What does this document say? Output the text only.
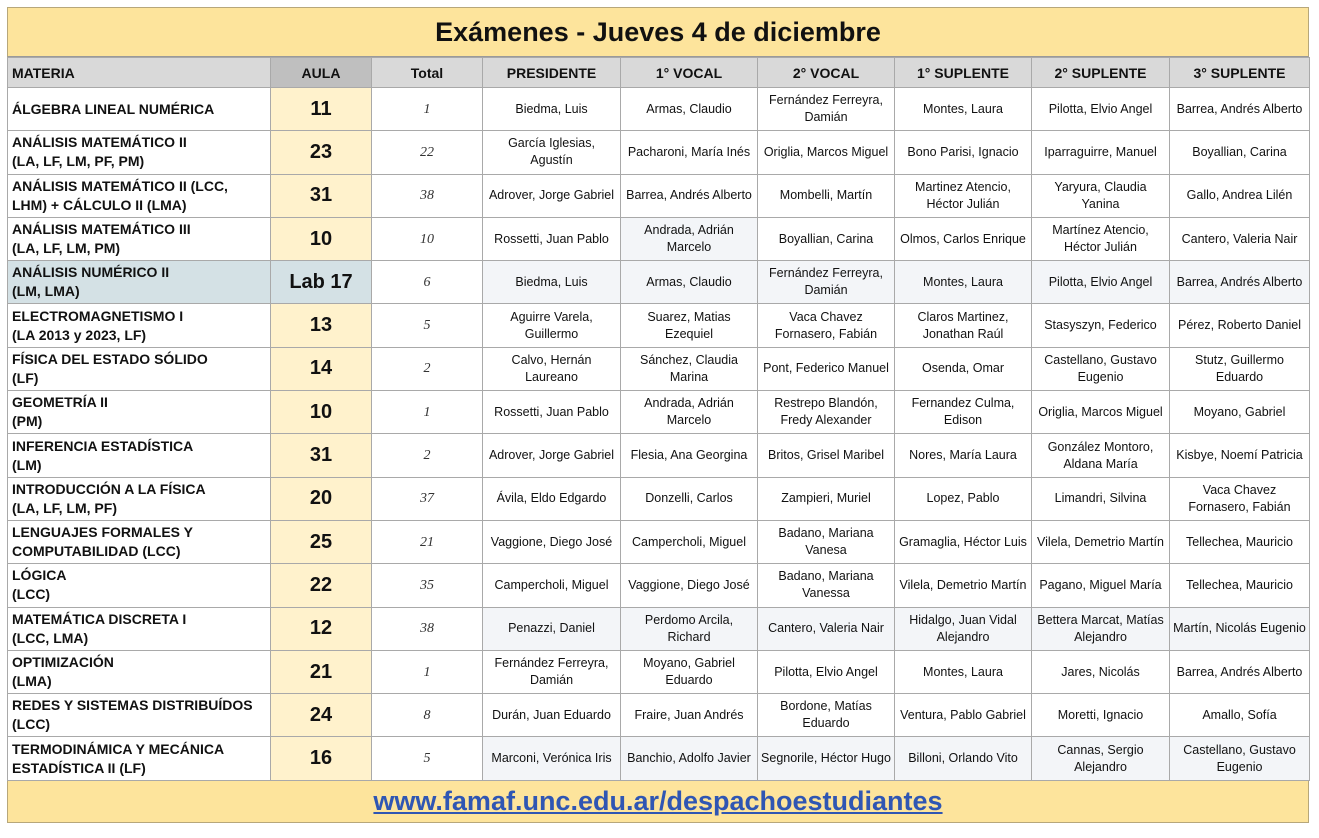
Exámenes - Jueves 4 de diciembre
MATERIA	AULA	Total	PRESIDENTE	1° VOCAL	2° VOCAL	1° SUPLENTE	2° SUPLENTE	3° SUPLENTE

ÁLGEBRA LINEAL NUMÉRICA	11	1	Biedma, Luis	Armas, Claudio	Fernández Ferreyra, Damián	Montes, Laura	Pilotta, Elvio Angel	Barrea, Andrés Alberto

ANÁLISIS MATEMÁTICO II
(LA, LF, LM, PF, PM)	23	22	García Iglesias, Agustín	Pacharoni, María Inés	Origlia, Marcos Miguel	Bono Parisi, Ignacio	Iparraguirre, Manuel	Boyallian, Carina

ANÁLISIS MATEMÁTICO II (LCC,
LHM) + CÁLCULO II (LMA)	31	38	Adrover, Jorge Gabriel	Barrea, Andrés Alberto	Mombelli, Martín	Martinez Atencio, Héctor Julián	Yaryura, Claudia Yanina	Gallo, Andrea Lilén

ANÁLISIS MATEMÁTICO III
(LA, LF, LM, PM)	10	10	Rossetti, Juan Pablo	Andrada, Adrián Marcelo	Boyallian, Carina	Olmos, Carlos Enrique	Martínez Atencio, Héctor Julián	Cantero, Valeria Nair

ANÁLISIS NUMÉRICO II
(LM, LMA)	Lab 17	6	Biedma, Luis	Armas, Claudio	Fernández Ferreyra, Damián	Montes, Laura	Pilotta, Elvio Angel	Barrea, Andrés Alberto

ELECTROMAGNETISMO I
(LA 2013 y 2023, LF)	13	5	Aguirre Varela, Guillermo	Suarez, Matias Ezequiel	Vaca Chavez Fornasero, Fabián	Claros Martinez, Jonathan Raúl	Stasyszyn, Federico	Pérez, Roberto Daniel

FÍSICA DEL ESTADO SÓLIDO
(LF)	14	2	Calvo, Hernán Laureano	Sánchez, Claudia Marina	Pont, Federico Manuel	Osenda, Omar	Castellano, Gustavo Eugenio	Stutz, Guillermo Eduardo

GEOMETRÍA II
(PM)	10	1	Rossetti, Juan Pablo	Andrada, Adrián Marcelo	Restrepo Blandón, Fredy Alexander	Fernandez Culma, Edison	Origlia, Marcos Miguel	Moyano, Gabriel

INFERENCIA ESTADÍSTICA
(LM)	31	2	Adrover, Jorge Gabriel	Flesia, Ana Georgina	Britos, Grisel Maribel	Nores, María Laura	González Montoro, Aldana María	Kisbye, Noemí Patricia

INTRODUCCIÓN A LA FÍSICA
(LA, LF, LM, PF)	20	37	Ávila, Eldo Edgardo	Donzelli, Carlos	Zampieri, Muriel	Lopez, Pablo	Limandri, Silvina	Vaca Chavez Fornasero, Fabián

LENGUAJES FORMALES Y
COMPUTABILIDAD (LCC)	25	21	Vaggione, Diego José	Campercholi, Miguel	Badano, Mariana Vanesa	Gramaglia, Héctor Luis	Vilela, Demetrio Martín	Tellechea, Mauricio

LÓGICA
(LCC)	22	35	Campercholi, Miguel	Vaggione, Diego José	Badano, Mariana Vanessa	Vilela, Demetrio Martín	Pagano, Miguel María	Tellechea, Mauricio

MATEMÁTICA DISCRETA I
(LCC, LMA)	12	38	Penazzi, Daniel	Perdomo Arcila, Richard	Cantero, Valeria Nair	Hidalgo, Juan Vidal Alejandro	Bettera Marcat, Matías Alejandro	Martín, Nicolás Eugenio

OPTIMIZACIÓN
(LMA)	21	1	Fernández Ferreyra, Damián	Moyano, Gabriel Eduardo	Pilotta, Elvio Angel	Montes, Laura	Jares, Nicolás	Barrea, Andrés Alberto

REDES Y SISTEMAS DISTRIBUÍDOS
(LCC)	24	8	Durán, Juan Eduardo	Fraire, Juan Andrés	Bordone, Matías Eduardo	Ventura, Pablo Gabriel	Moretti, Ignacio	Amallo, Sofía

TERMODINÁMICA Y MECÁNICA
ESTADÍSTICA II (LF)	16	5	Marconi, Verónica Iris	Banchio, Adolfo Javier	Segnorile, Héctor Hugo	Billoni, Orlando Vito	Cannas, Sergio Alejandro	Castellano, Gustavo Eugenio
www.famaf.unc.edu.ar/despachoestudiantes
